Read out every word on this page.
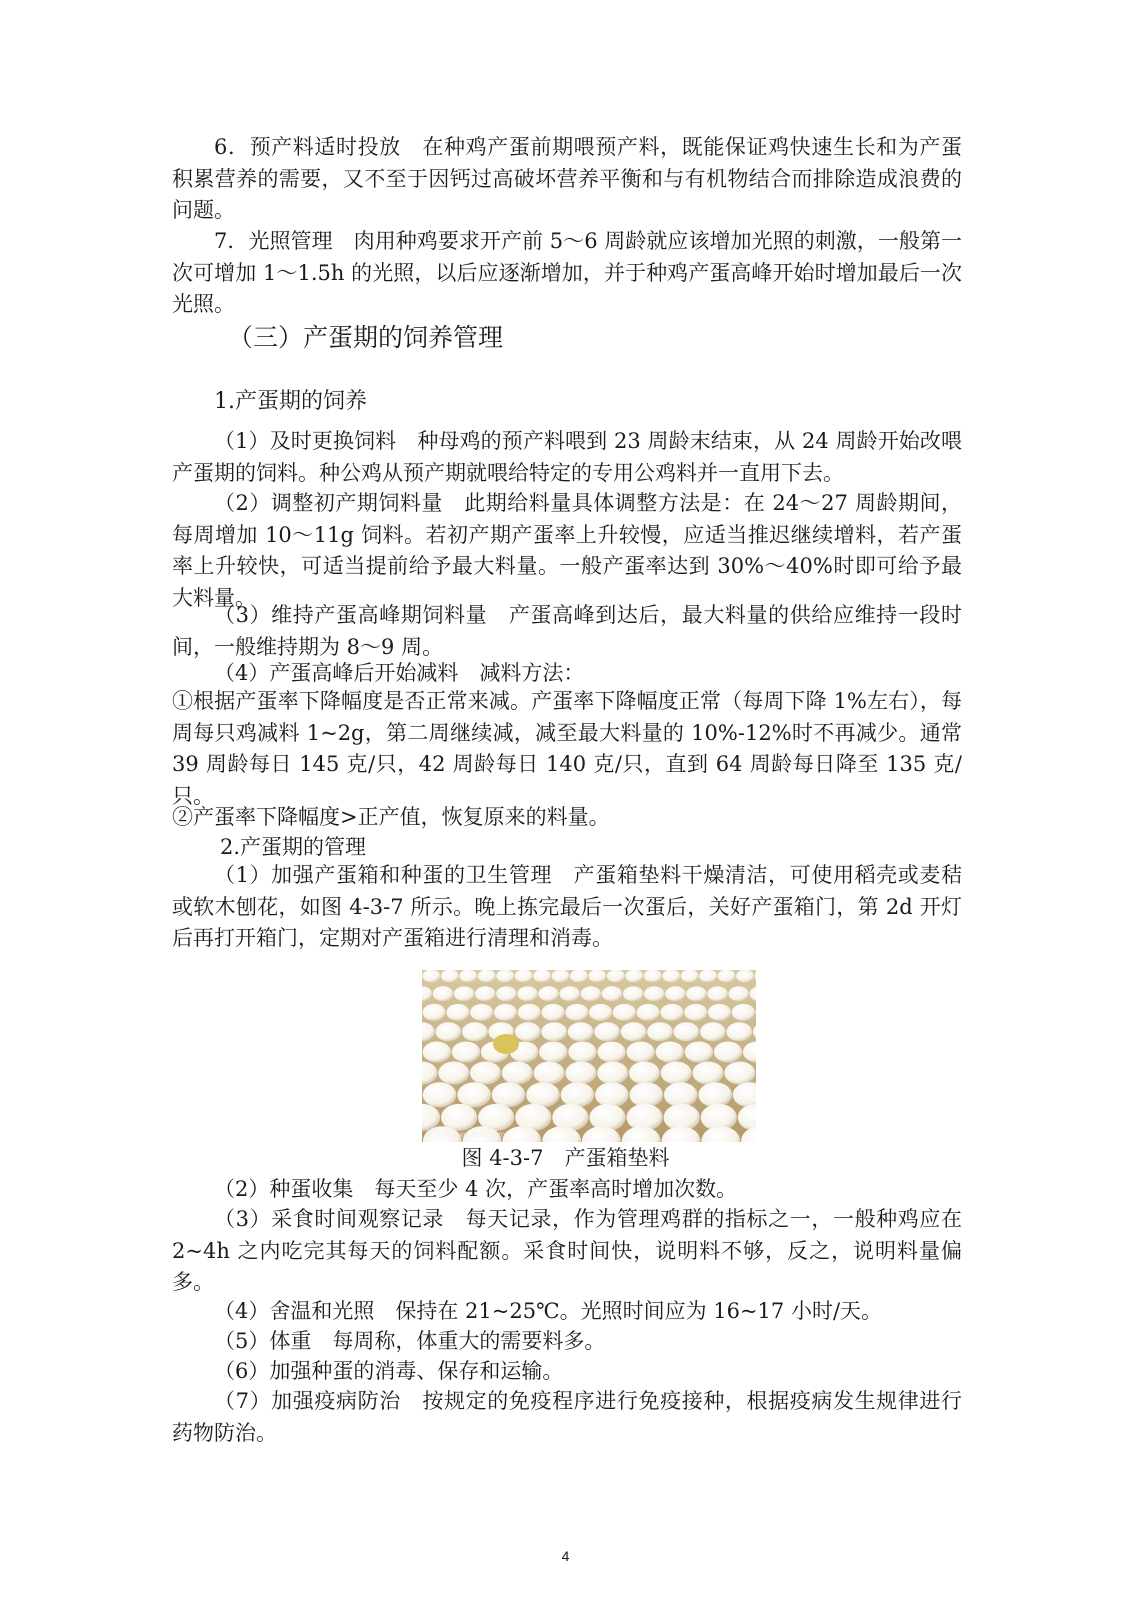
6．预产料适时投放　在种鸡产蛋前期喂预产料，既能保证鸡快速生长和为产蛋积累营养的需要，又不至于因钙过高破坏营养平衡和与有机物结合而排除造成浪费的问题。

7．光照管理　肉用种鸡要求开产前 5～6 周龄就应该增加光照的刺激，一般第一次可增加 1～1.5h 的光照，以后应逐渐增加，并于种鸡产蛋高峰开始时增加最后一次光照。

（三）产蛋期的饲养管理
1.产蛋期的饲养

（1）及时更换饲料　种母鸡的预产料喂到 23 周龄末结束，从 24 周龄开始改喂产蛋期的饲料。种公鸡从预产期就喂给特定的专用公鸡料并一直用下去。

（2）调整初产期饲料量　此期给料量具体调整方法是：在 24～27 周龄期间，每周增加 10～11g 饲料。若初产期产蛋率上升较慢，应适当推迟继续增料，若产蛋率上升较快，可适当提前给予最大料量。一般产蛋率达到 30%～40%时即可给予最大料量。

（3）维持产蛋高峰期饲料量　产蛋高峰到达后，最大料量的供给应维持一段时间，一般维持期为 8～9 周。

（4）产蛋高峰后开始减料　减料方法：

①根据产蛋率下降幅度是否正常来减。产蛋率下降幅度正常（每周下降 1%左右），每周每只鸡减料 1~2g，第二周继续减，减至最大料量的 10%-12%时不再减少。通常 39 周龄每日 145 克/只，42 周龄每日 140 克/只，直到 64 周龄每日降至 135 克/只。

②产蛋率下降幅度>正产值，恢复原来的料量。

2.产蛋期的管理

（1）加强产蛋箱和种蛋的卫生管理　产蛋箱垫料干燥清洁，可使用稻壳或麦秸或软木刨花，如图 4-3-7 所示。晚上拣完最后一次蛋后，关好产蛋箱门，第 2d 开灯后再打开箱门，定期对产蛋箱进行清理和消毒。

昵图网 www.nipic.com

图 4-3-7　产蛋箱垫料

（2）种蛋收集　每天至少 4 次，产蛋率高时增加次数。

（3）采食时间观察记录　每天记录，作为管理鸡群的指标之一，一般种鸡应在 2~4h 之内吃完其每天的饲料配额。采食时间快，说明料不够，反之，说明料量偏多。

（4）舍温和光照　保持在 21~25℃。光照时间应为 16~17 小时/天。

（5）体重　每周称，体重大的需要料多。

（6）加强种蛋的消毒、保存和运输。

（7）加强疫病防治　按规定的免疫程序进行免疫接种，根据疫病发生规律进行药物防治。

4
